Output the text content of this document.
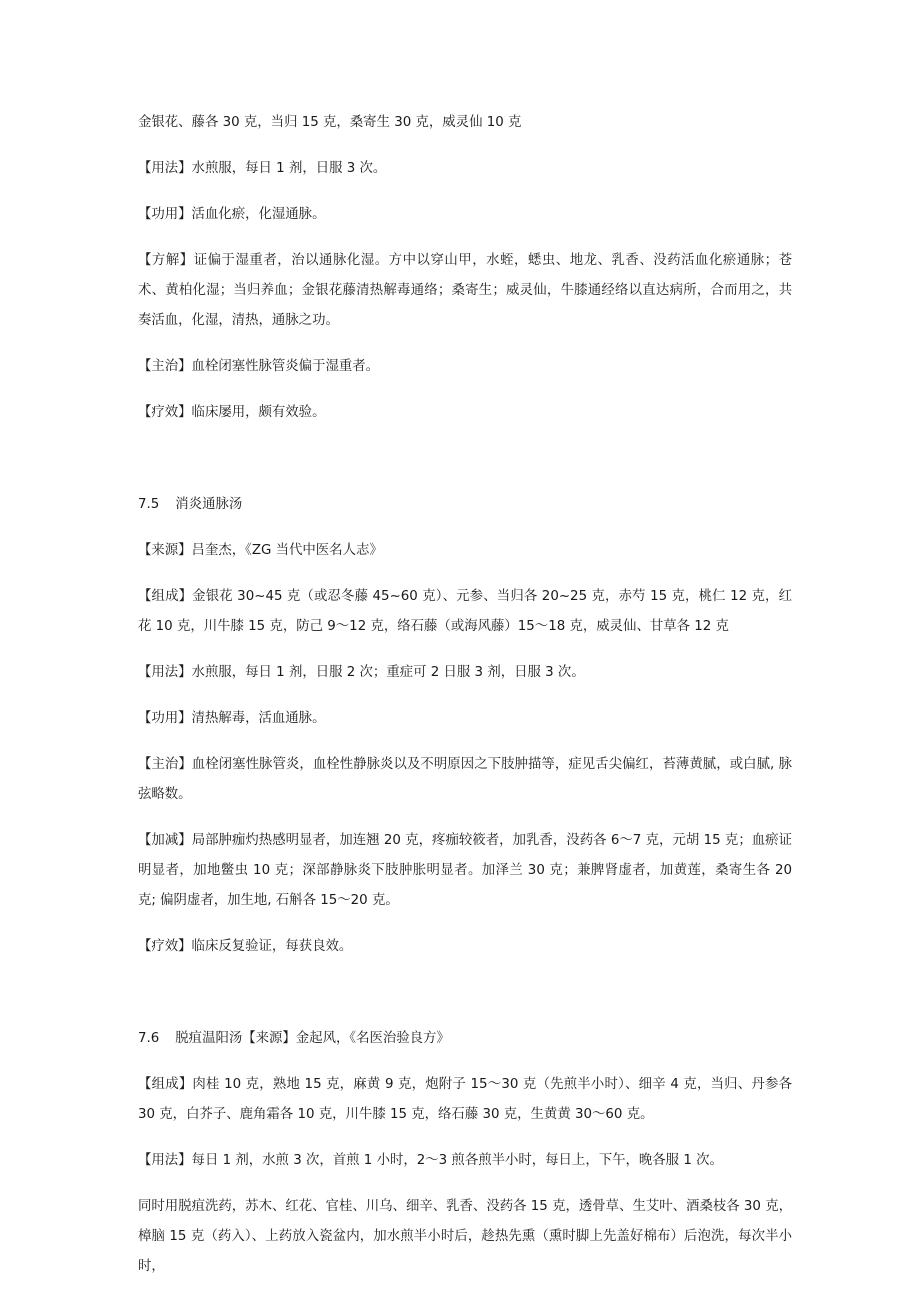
金银花、藤各 30 克，当归 15 克，桑寄生 30 克，威灵仙 10 克

【用法】水煎服，每日 1 剂，日服 3 次。

【功用】活血化瘀，化湿通脉。

【方解】证偏于湿重者，治以通脉化湿。方中以穿山甲，水蛭，蟋虫、地龙、乳香、没药活血化瘀通脉；苍术、黄柏化湿；当归养血；金银花藤清热解毒通络；桑寄生；威灵仙，牛膝通经络以直达病所，合而用之，共奏活血，化湿，清热，通脉之功。

【主治】血栓闭塞性脉管炎偏于湿重者。

【疗效】临床屡用，颇有效验。

7.5 消炎通脉汤

【来源】吕奎杰，《ZG 当代中医名人志》

【组成】金银花 30~45 克（或忍冬藤 45~60 克）、元参、当归各 20~25 克，赤芍 15 克，桃仁 12 克，红花 10 克，川牛膝 15 克，防己 9～12 克，络石藤（或海风藤）15～18 克，威灵仙、甘草各 12 克

【用法】水煎服，每日 1 剂，日服 2 次；重症可 2 日服 3 剂，日服 3 次。

【功用】清热解毒，活血通脉。

【主治】血栓闭塞性脉管炎，血栓性静脉炎以及不明原因之下肢肿描等，症见舌尖偏红，苔薄黄腻，或白腻, 脉弦略数。

【加减】局部肿痂灼热感明显者，加连翘 20 克，疼痂较筱者，加乳香，没药各 6～7 克，元胡 15 克；血瘀证明显者，加地鳖虫 10 克；深部静脉炎下肢肿胀明显者。加泽兰 30 克；兼脾肾虚者，加黄莲，桑寄生各 20 克; 偏阴虚者，加生地, 石斛各 15～20 克。

【疗效】临床反复验证，每获良效。

7.6 脱疽温阳汤【来源】金起风，《名医治验良方》

【组成】肉桂 10 克，熟地 15 克，麻黄 9 克，炮附子 15～30 克（先煎半小时）、细辛 4 克，当归、丹参各 30 克，白芥子、鹿角霜各 10 克，川牛膝 15 克，络石藤 30 克，生黄黄 30～60 克。

【用法】每日 1 剂，水煎 3 次，首煎 1 小时，2～3 煎各煎半小时，每日上，下午，晚各服 1 次。

同时用脱疽洗药，苏木、红花、官桂、川乌、细辛、乳香、没药各 15 克，透骨草、生艾叶、酒桑枝各 30 克，樟脑 15 克（药入）、上药放入瓷盆内，加水煎半小时后，趁热先熏（熏时脚上先盖好棉布）后泡洗，每次半小时，
